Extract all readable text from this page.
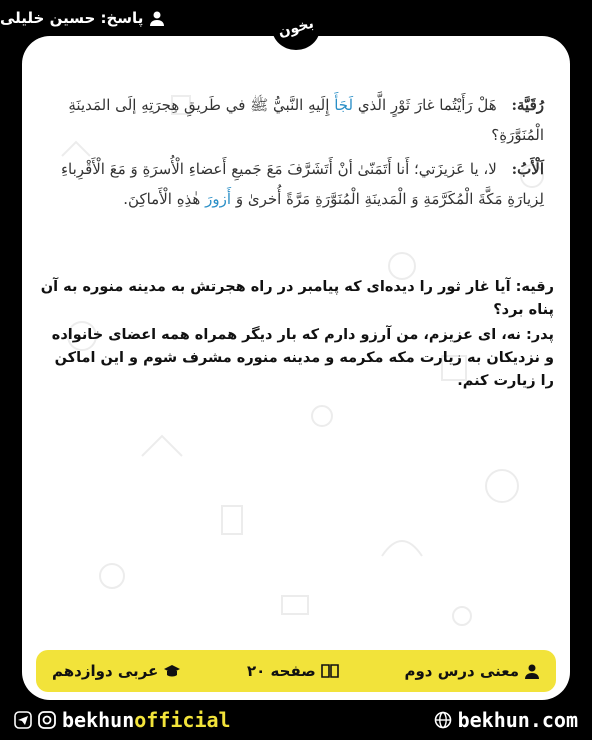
پاسخ: حسین خلیلی	بخون

رُقَيَّة: هَلْ رَأَيْتُما غارَ ثَوْرٍ الَّذي لَجَأَ إِلَيهِ النَّبيُّ ﷺ في طَريقِ هِجرَتِهِ إلَى المَدينَةِ الْمُنَوَّرَةِ؟

اَلْأَبُ: لا، يا عَزيزَتي؛ أَنا أَتَمَنّىٰ أنْ أَتَشَرَّفَ مَعَ جَميعِ أَعضاءِ الْأُسرَةِ وَ مَعَ الْأَقْرِباءِ لِزيارَةِ مَكَّةَ الْمُكَرَّمَةِ وَ الْمَدينَةِ الْمُنَوَّرَةِ مَرَّةً أُخرىٰ وَ أَزورَ هٰذِهِ الْأَماكِنَ.

رقیه: آیا غار ثور را دیده‌ای که پیامبر در راه هجرتش به مدینه منوره به آن پناه برد؟

پدر: نه، ای عزیزم، من آرزو دارم که بار دیگر همراه همه اعضای خانواده و نزدیکان به زیارت مکه مکرمه و مدینه منوره مشرف شوم و این اماکن را زیارت کنم.

معنی درس دوم
صفحه ۲۰
عربی دوازدهم
bekhunofficial	bekhun.com
